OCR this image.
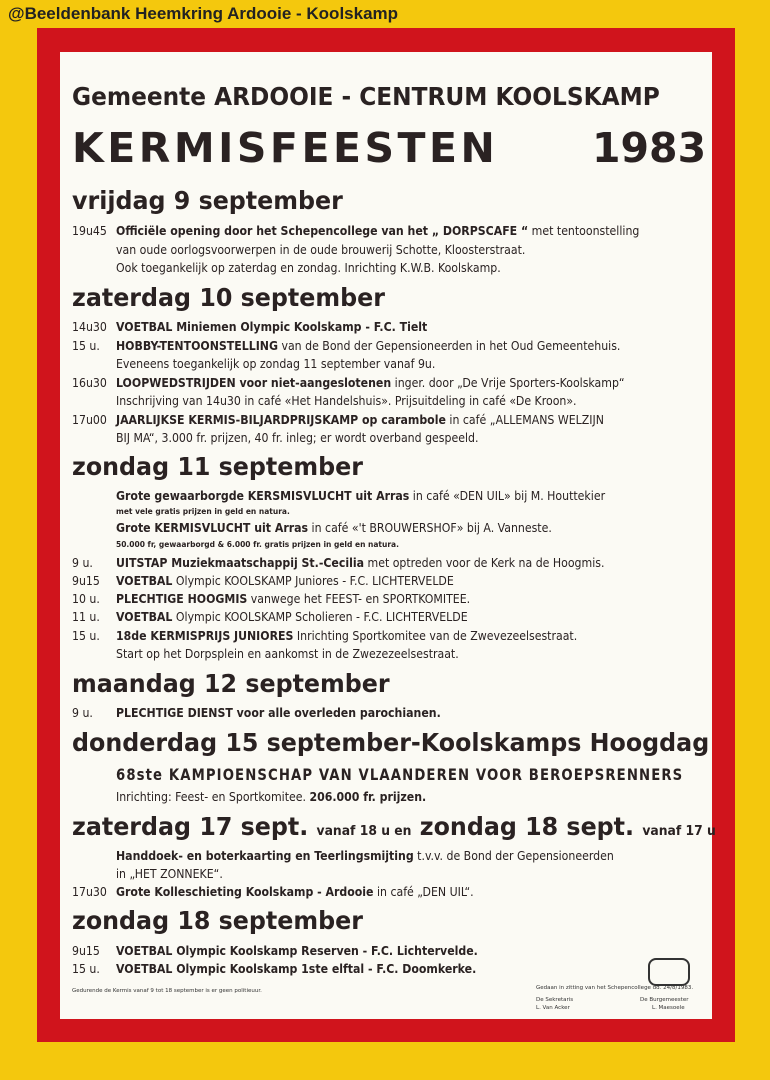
@Beeldenbank Heemkring Ardooie - Koolskamp
Gemeente ARDOOIE - CENTRUM KOOLSKAMP
KERMISFEESTEN 1983
vrijdag 9 september
19u45 Officiële opening door het Schepencollege van het „ DORPSCAFE “ met tentoonstelling
van oude oorlogsvoorwerpen in de oude brouwerij Schotte, Kloosterstraat.
Ook toegankelijk op zaterdag en zondag. Inrichting K.W.B. Koolskamp.
zaterdag 10 september
14u30 VOETBAL Miniemen Olympic Koolskamp - F.C. Tielt
15 u. HOBBY-TENTOONSTELLING van de Bond der Gepensioneerden in het Oud Gemeentehuis.
Eveneens toegankelijk op zondag 11 september vanaf 9u.
16u30 LOOPWEDSTRIJDEN voor niet-aangeslotenen inger. door „De Vrije Sporters-Koolskamp“
Inschrijving van 14u30 in café «Het Handelshuis». Prijsuitdeling in café «De Kroon».
17u00 JAARLIJKSE KERMIS-BILJARDPRIJSKAMP op carambole in café „ALLEMANS WELZIJN
BIJ MA“, 3.000 fr. prijzen, 40 fr. inleg; er wordt overband gespeeld.
zondag 11 september
Grote gewaarborgde KERSMISVLUCHT uit Arras in café «DEN UIL» bij M. Houttekier
met vele gratis prijzen in geld en natura.
Grote KERMISVLUCHT uit Arras in café «'t BROUWERSHOF» bij A. Vanneste.
50.000 fr, gewaarborgd & 6.000 fr. gratis prijzen in geld en natura.
9 u. UITSTAP Muziekmaatschappij St.-Cecilia met optreden voor de Kerk na de Hoogmis.
9u15 VOETBAL Olympic KOOLSKAMP Juniores - F.C. LICHTERVELDE
10 u. PLECHTIGE HOOGMIS vanwege het FEEST- en SPORTKOMITEE.
11 u. VOETBAL Olympic KOOLSKAMP Scholieren - F.C. LICHTERVELDE
15 u. 18de KERMISPRIJS JUNIORES Inrichting Sportkomitee van de Zwevezeelsestraat.
Start op het Dorpsplein en aankomst in de Zwezezeelsestraat.
maandag 12 september
9 u. PLECHTIGE DIENST voor alle overleden parochianen.
donderdag 15 september-Koolskamps Hoogdag
68ste KAMPIOENSCHAP VAN VLAANDEREN VOOR BEROEPSRENNERS
Inrichting: Feest- en Sportkomitee. 206.000 fr. prijzen.
zaterdag 17 sept. vanaf 18 u en zondag 18 sept. vanaf 17 u
Handdoek- en boterkaarting en Teerlingsmijting t.v.v. de Bond der Gepensioneerden
in „HET ZONNEKE“.
17u30 Grote Kolleschieting Koolskamp - Ardooie in café „DEN UIL“.
zondag 18 september
9u15 VOETBAL Olympic Koolskamp Reserven - F.C. Lichtervelde.
15 u. VOETBAL Olympic Koolskamp 1ste elftal - F.C. Doomkerke.
Gedurende de Kermis vanaf 9 tot 18 september is er geen politieuur.	Gedaan in zitting van het Schepencollege dd. 24/8/1983.
De Sekretaris
L. Van Acker
De Burgemeester
L. Maesoele
